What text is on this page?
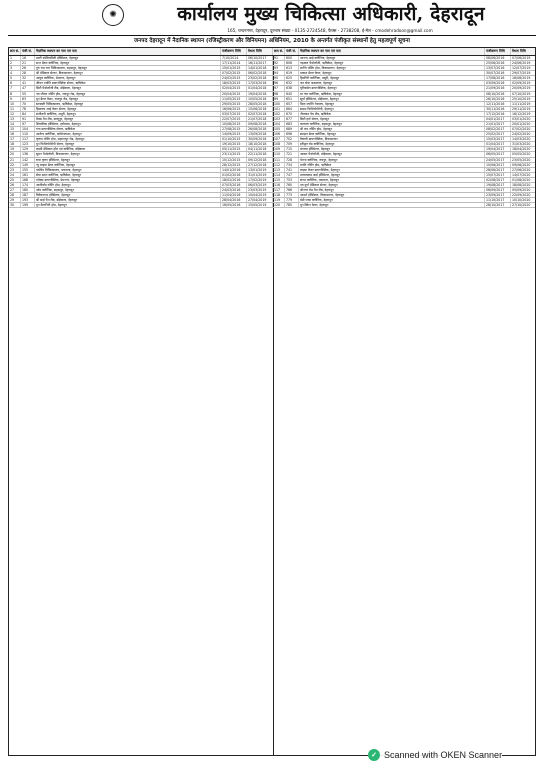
✺	कार्यालय मुख्य चिकित्सा अधिकारी, देहरादून
165, चन्दननगर, देहरादून, दूरभाष संख्या - 0135-2724548, फैक्स - 2738208, ई-मेल - cmodehradoon@gmail.com
जनपद देहरादून में नैदानिक स्थापन (रजिस्ट्रीकरण और विनियमन) अधिनियम, 2010 के अन्तर्गत पंजीकृत संस्थानों हेतु महत्वपूर्ण सूचना
क्रम सं. पंजी सं.	नैदानिक स्थापन का नाम एवं पता	पंजीकरण तिथि	वैधता तिथि
1	16	मल्टी स्पेशियलिटी हॉस्पिटल, देहरादून	7/10/2014	06/10/2017
2	21	सन्त डेंटल क्लीनिक, देहरादून	17/11/2014	16/11/2017
3	26	गुरु राम राय चिकित्सालय, सहसपुर, देहरादून	15/01/2015	14/01/2018
4	28	श्री मेडिकल सेण्टर, विकासनगर, देहरादून	07/02/2015	06/02/2018
5	32	आयुष क्लीनिक, प्रेमनगर, देहरादून	24/02/2015	23/02/2018
6	41	जीवन ज्योति डायग्नोस्टिक सेण्टर, ऋषिकेश	18/03/2015	17/03/2018
7	47	सिटी पैथोलॉजी लैब, डोईवाला, देहरादून	02/04/2015	01/04/2018
8	55	नव जीवन नर्सिंग होम, रायपुर रोड, देहरादून	20/04/2015	19/04/2018
9	63	दून डेंटल केयर, राजपुर रोड, देहरादून	11/05/2015	10/05/2018
10	70	सरस्वती चिकित्सालय, ऋषिकेश, देहरादून	29/05/2015	28/05/2018
11	78	हिमालय आई केयर सेण्टर, देहरादून	16/06/2015	15/06/2018
12	84	संजीवनी क्लीनिक, मसूरी, देहरादून	03/07/2015	02/07/2018
13	91	मैक्स पैथ लैब, बल्लूपुर, देहरादून	22/07/2015	21/07/2018
14	97	शिवालिक हॉस्पिटल, हर्रावाला, देहरादून	10/08/2015	09/08/2018
15	104	गंगा डायग्नोस्टिक सेण्टर, ऋषिकेश	27/08/2015	26/08/2018
16	110	आरोग्य क्लीनिक, क्लेमेनटाउन, देहरादून	14/09/2015	13/09/2018
17	117	कृष्णा नर्सिंग होम, सहारनपुर रोड, देहरादून	01/10/2015	30/09/2018
18	123	दून फिजियोथेरेपी सेण्टर, देहरादून	19/10/2015	18/10/2018
19	129	लक्ष्मी मेडिकल हॉल एवं क्लीनिक, डोईवाला	05/11/2015	04/11/2018
20	136	सुमन पैथोलॉजी, विकासनगर, देहरादून	23/11/2015	22/11/2018
21	142	राधा कृष्ण हॉस्पिटल, देहरादून	10/12/2015	09/12/2018
22	149	न्यू लाइफ डेंटल क्लीनिक, देहरादून	28/12/2015	27/12/2018
23	155	पर्वतीय चिकित्सालय, चकराता, देहरादून	14/01/2016	13/01/2019
24	161	सेवा सदन क्लीनिक, ऋषिकेश, देहरादून	01/02/2016	31/01/2019
25	168	एपेक्स डायग्नोस्टिक, प्रेमनगर, देहरादून	18/02/2016	17/02/2019
26	174	आशीर्वाद नर्सिंग होम, देहरादून	07/03/2016	06/03/2019
27	180	ओम क्लीनिक, सहसपुर, देहरादून	24/03/2016	23/03/2019
28	187	विवेकानन्द हॉस्पिटल, देहरादून	11/04/2016	10/04/2019
29	193	श्री साई पैथ लैब, डोईवाला, देहरादून	28/04/2016	27/04/2019
30	199	दून मैटरनिटी होम, देहरादून	16/05/2016	15/05/2019
क्रम सं. पंजी सं.	नैदानिक स्थापन का नाम एवं पता	पंजीकरण तिथि	वैधता तिथि
91	600	आनन्द आई क्लीनिक, देहरादून	08/06/2016	07/06/2019
92	606	गढ़वाल पैथोलॉजी, ऋषिकेश, देहरादून	25/06/2016	24/06/2019
93	613	शान्ति नर्सिंग होम, विकासनगर, देहरादून	13/07/2016	12/07/2019
94	619	प्रकाश डेंटल केयर, देहरादून	30/07/2016	29/07/2019
95	625	हिमगिरी क्लीनिक, मसूरी, देहरादून	17/08/2016	16/08/2019
96	632	जन सेवा अस्पताल, देहरादून	03/09/2016	02/09/2019
97	638	यूनिवर्सल डायग्नोस्टिक, देहरादून	21/09/2016	20/09/2019
98	645	मां गंगा क्लीनिक, ऋषिकेश, देहरादून	08/10/2016	07/10/2019
99	651	सूर्या हॉस्पिटल, डोईवाला, देहरादून	26/10/2016	25/10/2019
100	657	दिव्य ज्योति नेत्रालय, देहरादून	12/11/2016	11/11/2019
101	664	सक्षम फिजियोथेरेपी, देहरादून	30/11/2016	29/11/2019
102	670	नीलकंठ पैथ लैब, ऋषिकेश	17/12/2016	16/12/2019
103	677	सिटी हार्ट सेण्टर, देहरादून	04/01/2017	03/01/2020
104	683	कल्याण क्लीनिक, सहसपुर, देहरादून	21/01/2017	20/01/2020
105	689	श्री राम नर्सिंग होम, देहरादून	08/02/2017	07/02/2020
106	696	स्माइल डेंटल क्लीनिक, देहरादून	25/02/2017	24/02/2020
107	702	वैष्णवी डायग्नोस्टिक, विकासनगर	15/03/2017	14/03/2020
108	709	हरिद्वार रोड क्लीनिक, देहरादून	01/04/2017	31/03/2020
109	715	मंगलम हॉस्पिटल, देहरादून	19/04/2017	18/04/2020
110	721	आस्था पैथोलॉजी, डोईवाला, देहरादून	06/05/2017	05/05/2020
111	728	चेतना क्लीनिक, रायपुर, देहरादून	24/05/2017	23/05/2020
112	734	प्रगति नर्सिंग होम, ऋषिकेश	10/06/2017	09/06/2020
113	741	लाइफ केयर डायग्नोस्टिक, देहरादून	28/06/2017	27/06/2020
114	747	उत्तराखण्ड आई हॉस्पिटल, देहरादून	15/07/2017	14/07/2020
115	753	संगम क्लीनिक, चकराता, देहरादून	02/08/2017	01/08/2020
116	760	नव दुर्गा मेडिकल सेण्टर, देहरादून	19/08/2017	18/08/2020
117	766	श्रीनगर रोड पैथ लैब, देहरादून	06/09/2017	05/09/2020
118	773	आदर्श हॉस्पिटल, विकासनगर, देहरादून	23/09/2017	22/09/2020
119	779	मेडी प्लस क्लीनिक, देहरादून	11/10/2017	10/10/2020
120	785	दून स्किन केयर, देहरादून	28/10/2017	27/10/2020
✓ Scanned with OKEN Scanner
